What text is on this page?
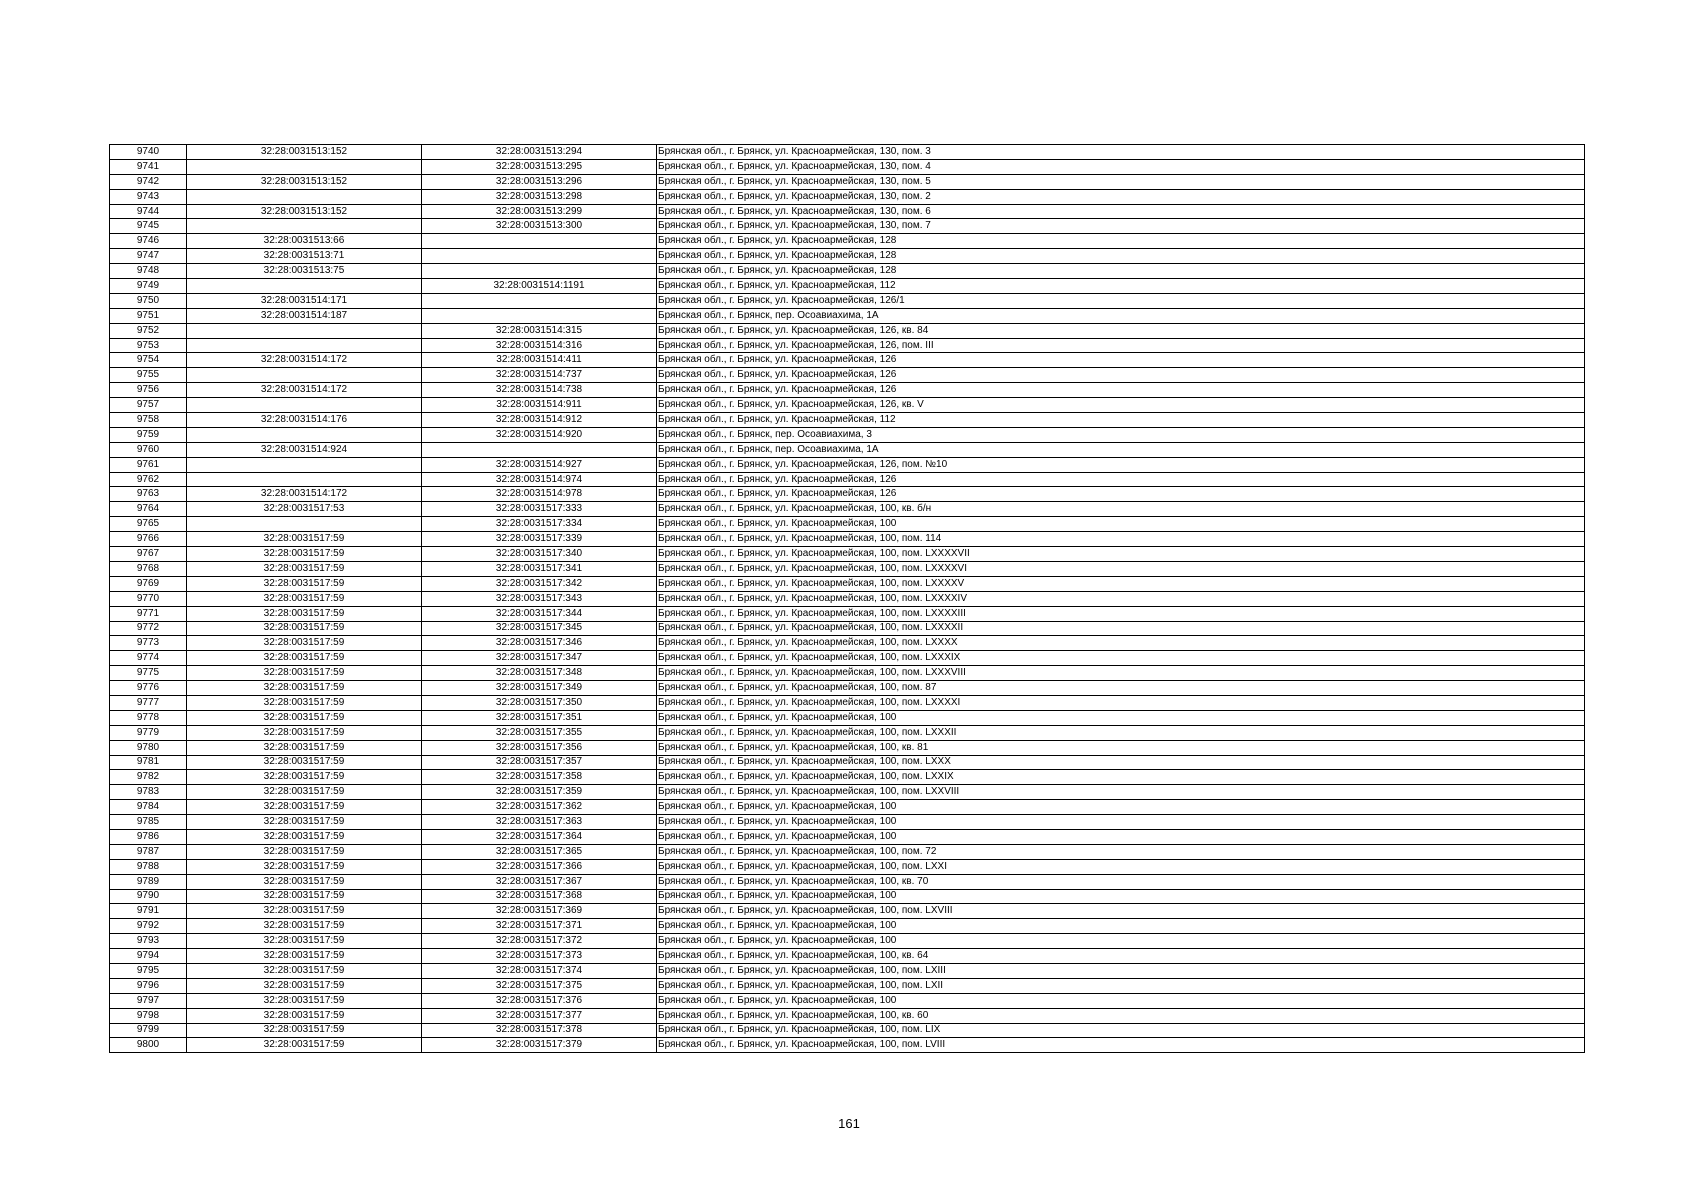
9740	32:28:0031513:152	32:28:0031513:294	Брянская обл., г. Брянск, ул. Красноармейская, 130, пом. 3
9741		32:28:0031513:295	Брянская обл., г. Брянск, ул. Красноармейская, 130, пом. 4
9742	32:28:0031513:152	32:28:0031513:296	Брянская обл., г. Брянск, ул. Красноармейская, 130, пом. 5
9743		32:28:0031513:298	Брянская обл., г. Брянск, ул. Красноармейская, 130, пом. 2
9744	32:28:0031513:152	32:28:0031513:299	Брянская обл., г. Брянск, ул. Красноармейская, 130, пом. 6
9745		32:28:0031513:300	Брянская обл., г. Брянск, ул. Красноармейская, 130, пом. 7
9746	32:28:0031513:66		Брянская обл., г. Брянск, ул. Красноармейская, 128
9747	32:28:0031513:71		Брянская обл., г. Брянск, ул. Красноармейская, 128
9748	32:28:0031513:75		Брянская обл., г. Брянск, ул. Красноармейская, 128
9749		32:28:0031514:1191	Брянская обл., г. Брянск, ул. Красноармейская, 112
9750	32:28:0031514:171		Брянская обл., г. Брянск, ул. Красноармейская, 126/1
9751	32:28:0031514:187		Брянская обл., г. Брянск, пер. Осоавиахима, 1А
9752		32:28:0031514:315	Брянская обл., г. Брянск, ул. Красноармейская, 126, кв. 84
9753		32:28:0031514:316	Брянская обл., г. Брянск, ул. Красноармейская, 126, пом. III
9754	32:28:0031514:172	32:28:0031514:411	Брянская обл., г. Брянск, ул. Красноармейская, 126
9755		32:28:0031514:737	Брянская обл., г. Брянск, ул. Красноармейская, 126
9756	32:28:0031514:172	32:28:0031514:738	Брянская обл., г. Брянск, ул. Красноармейская, 126
9757		32:28:0031514:911	Брянская обл., г. Брянск, ул. Красноармейская, 126, кв. V
9758	32:28:0031514:176	32:28:0031514:912	Брянская обл., г. Брянск, ул. Красноармейская, 112
9759		32:28:0031514:920	Брянская обл., г. Брянск, пер. Осоавиахима, 3
9760	32:28:0031514:924		Брянская обл., г. Брянск, пер. Осоавиахима, 1А
9761		32:28:0031514:927	Брянская обл., г. Брянск, ул. Красноармейская, 126, пом. №10
9762		32:28:0031514:974	Брянская обл., г. Брянск, ул. Красноармейская, 126
9763	32:28:0031514:172	32:28:0031514:978	Брянская обл., г. Брянск, ул. Красноармейская, 126
9764	32:28:0031517:53	32:28:0031517:333	Брянская обл., г. Брянск, ул. Красноармейская, 100, кв. б/н
9765		32:28:0031517:334	Брянская обл., г. Брянск, ул. Красноармейская, 100
9766	32:28:0031517:59	32:28:0031517:339	Брянская обл., г. Брянск, ул. Красноармейская, 100, пом. 114
9767	32:28:0031517:59	32:28:0031517:340	Брянская обл., г. Брянск, ул. Красноармейская, 100, пом. LXXXXVII
9768	32:28:0031517:59	32:28:0031517:341	Брянская обл., г. Брянск, ул. Красноармейская, 100, пом. LXXXXVI
9769	32:28:0031517:59	32:28:0031517:342	Брянская обл., г. Брянск, ул. Красноармейская, 100, пом. LXXXXV
9770	32:28:0031517:59	32:28:0031517:343	Брянская обл., г. Брянск, ул. Красноармейская, 100, пом. LXXXXIV
9771	32:28:0031517:59	32:28:0031517:344	Брянская обл., г. Брянск, ул. Красноармейская, 100, пом. LXXXXIII
9772	32:28:0031517:59	32:28:0031517:345	Брянская обл., г. Брянск, ул. Красноармейская, 100, пом. LXXXXII
9773	32:28:0031517:59	32:28:0031517:346	Брянская обл., г. Брянск, ул. Красноармейская, 100, пом. LXXXX
9774	32:28:0031517:59	32:28:0031517:347	Брянская обл., г. Брянск, ул. Красноармейская, 100, пом. LXXXIX
9775	32:28:0031517:59	32:28:0031517:348	Брянская обл., г. Брянск, ул. Красноармейская, 100, пом. LXXXVIII
9776	32:28:0031517:59	32:28:0031517:349	Брянская обл., г. Брянск, ул. Красноармейская, 100, пом. 87
9777	32:28:0031517:59	32:28:0031517:350	Брянская обл., г. Брянск, ул. Красноармейская, 100, пом. LXXXXI
9778	32:28:0031517:59	32:28:0031517:351	Брянская обл., г. Брянск, ул. Красноармейская, 100
9779	32:28:0031517:59	32:28:0031517:355	Брянская обл., г. Брянск, ул. Красноармейская, 100, пом. LXXXII
9780	32:28:0031517:59	32:28:0031517:356	Брянская обл., г. Брянск, ул. Красноармейская, 100, кв. 81
9781	32:28:0031517:59	32:28:0031517:357	Брянская обл., г. Брянск, ул. Красноармейская, 100, пом. LXXX
9782	32:28:0031517:59	32:28:0031517:358	Брянская обл., г. Брянск, ул. Красноармейская, 100, пом. LXXIX
9783	32:28:0031517:59	32:28:0031517:359	Брянская обл., г. Брянск, ул. Красноармейская, 100, пом. LXXVIII
9784	32:28:0031517:59	32:28:0031517:362	Брянская обл., г. Брянск, ул. Красноармейская, 100
9785	32:28:0031517:59	32:28:0031517:363	Брянская обл., г. Брянск, ул. Красноармейская, 100
9786	32:28:0031517:59	32:28:0031517:364	Брянская обл., г. Брянск, ул. Красноармейская, 100
9787	32:28:0031517:59	32:28:0031517:365	Брянская обл., г. Брянск, ул. Красноармейская, 100, пом. 72
9788	32:28:0031517:59	32:28:0031517:366	Брянская обл., г. Брянск, ул. Красноармейская, 100, пом. LXXI
9789	32:28:0031517:59	32:28:0031517:367	Брянская обл., г. Брянск, ул. Красноармейская, 100, кв. 70
9790	32:28:0031517:59	32:28:0031517:368	Брянская обл., г. Брянск, ул. Красноармейская, 100
9791	32:28:0031517:59	32:28:0031517:369	Брянская обл., г. Брянск, ул. Красноармейская, 100, пом. LXVIII
9792	32:28:0031517:59	32:28:0031517:371	Брянская обл., г. Брянск, ул. Красноармейская, 100
9793	32:28:0031517:59	32:28:0031517:372	Брянская обл., г. Брянск, ул. Красноармейская, 100
9794	32:28:0031517:59	32:28:0031517:373	Брянская обл., г. Брянск, ул. Красноармейская, 100, кв. 64
9795	32:28:0031517:59	32:28:0031517:374	Брянская обл., г. Брянск, ул. Красноармейская, 100, пом. LXIII
9796	32:28:0031517:59	32:28:0031517:375	Брянская обл., г. Брянск, ул. Красноармейская, 100, пом. LXII
9797	32:28:0031517:59	32:28:0031517:376	Брянская обл., г. Брянск, ул. Красноармейская, 100
9798	32:28:0031517:59	32:28:0031517:377	Брянская обл., г. Брянск, ул. Красноармейская, 100, кв. 60
9799	32:28:0031517:59	32:28:0031517:378	Брянская обл., г. Брянск, ул. Красноармейская, 100, пом. LIX
9800	32:28:0031517:59	32:28:0031517:379	Брянская обл., г. Брянск, ул. Красноармейская, 100, пом. LVIII
161
